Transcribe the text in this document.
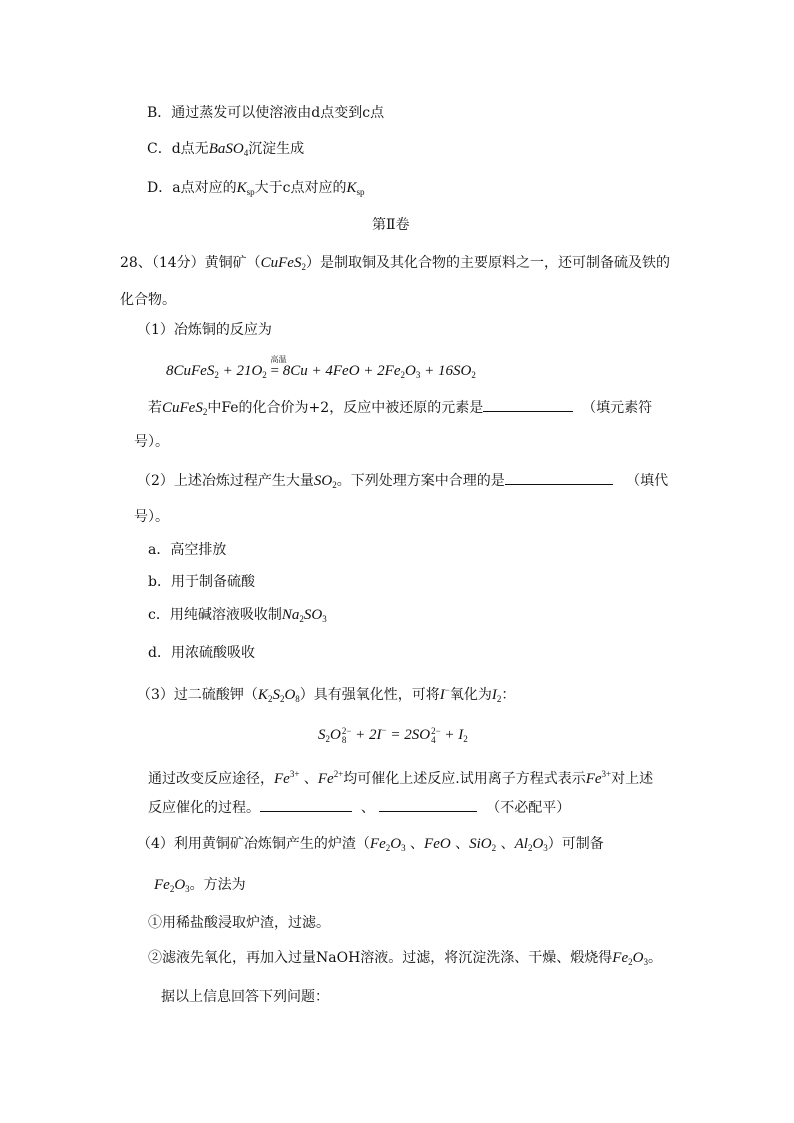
B．通过蒸发可以使溶液由d点变到c点
C．d点无BaSO$_4$沉淀生成
D．a点对应的$K_{sp}$大于c点对应的$K_{sp}$
第Ⅱ卷
28、（14分）黄铜矿（CuFeS$_2$）是制取铜及其化合物的主要原料之一，还可制备硫及铁的
化合物。
（1）冶炼铜的反应为
8CuFeS$_2$ + $21O_2$
高温
= $8Cu + 4FeO + 2Fe_2O_3 + 16SO_2$
若CuFeS$_2$中Fe的化合价为+2，反应中被还原的元素是	（填元素符
号）。
（2）上述冶炼过程产生大量$SO_2$。下列处理方案中合理的是	（填代
号）。
a．高空排放
b．用于制备硫酸
c．用纯碱溶液吸收制$Na_2SO_3$
d．用浓硫酸吸收
（3）过二硫酸钾$(K_2S_2O_8)$具有强氧化性，可将I−氧化为$I_2$：
$S_2O2-$
8 + 2I− = 2SO2−
$4 + I_2$
通过改变反应途径，$Fe^{3+}$ 、$Fe^{2+}$均可催化上述反应.试用离子方程式表示$Fe^{3+}$对上述
反应催化的过程。	、	（不必配平）
（4）利用黄铜矿冶炼铜产生的炉渣（$Fe_2O_3$ 、FeO 、SiO$_2$ 、$Al_2O_3$）可制备
$Fe_2O_3$。方法为
①用稀盐酸浸取炉渣，过滤。
②滤液先氧化，再加入过量NaOH溶液。过滤，将沉淀洗涤、干燥、煅烧得$Fe_2O_3$。
据以上信息回答下列问题：
